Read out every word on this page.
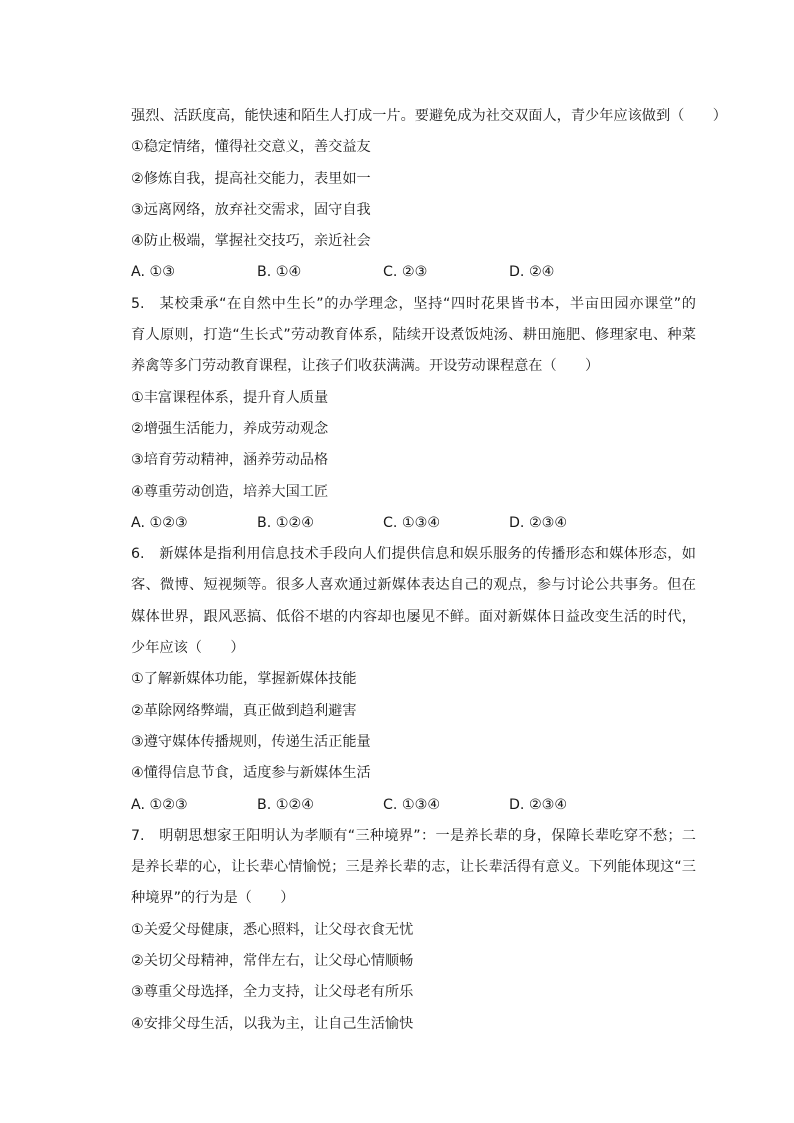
强烈、活跃度高，能快速和陌生人打成一片。要避免成为社交双面人，青少年应该做到（　　）
①稳定情绪，懂得社交意义，善交益友
②修炼自我，提高社交能力，表里如一
③远离网络，放弃社交需求，固守自我
④防止极端，掌握社交技巧，亲近社会
A. ①③	B. ①④	C. ②③	D. ②④
5. 某校秉承“在自然中生长”的办学理念，坚持“四时花果皆书本，半亩田园亦课堂”的
育人原则，打造“生长式”劳动教育体系，陆续开设煮饭炖汤、耕田施肥、修理家电、种菜
养禽等多门劳动教育课程，让孩子们收获满满。开设劳动课程意在（　　）
①丰富课程体系，提升育人质量
②增强生活能力，养成劳动观念
③培育劳动精神，涵养劳动品格
④尊重劳动创造，培养大国工匠
A. ①②③	B. ①②④	C. ①③④	D. ②③④
6. 新媒体是指利用信息技术手段向人们提供信息和娱乐服务的传播形态和媒体形态，如
客、微博、短视频等。很多人喜欢通过新媒体表达自己的观点，参与讨论公共事务。但在
媒体世界，跟风恶搞、低俗不堪的内容却也屡见不鲜。面对新媒体日益改变生活的时代，
少年应该（　　）
①了解新媒体功能，掌握新媒体技能
②革除网络弊端，真正做到趋利避害
③遵守媒体传播规则，传递生活正能量
④懂得信息节食，适度参与新媒体生活
A. ①②③	B. ①②④	C. ①③④	D. ②③④
7. 明朝思想家王阳明认为孝顺有“三种境界”：一是养长辈的身，保障长辈吃穿不愁；二
是养长辈的心，让长辈心情愉悦；三是养长辈的志，让长辈活得有意义。下列能体现这“三
种境界”的行为是（　　）
①关爱父母健康，悉心照料，让父母衣食无忧
②关切父母精神，常伴左右，让父母心情顺畅
③尊重父母选择，全力支持，让父母老有所乐
④安排父母生活，以我为主，让自己生活愉快
